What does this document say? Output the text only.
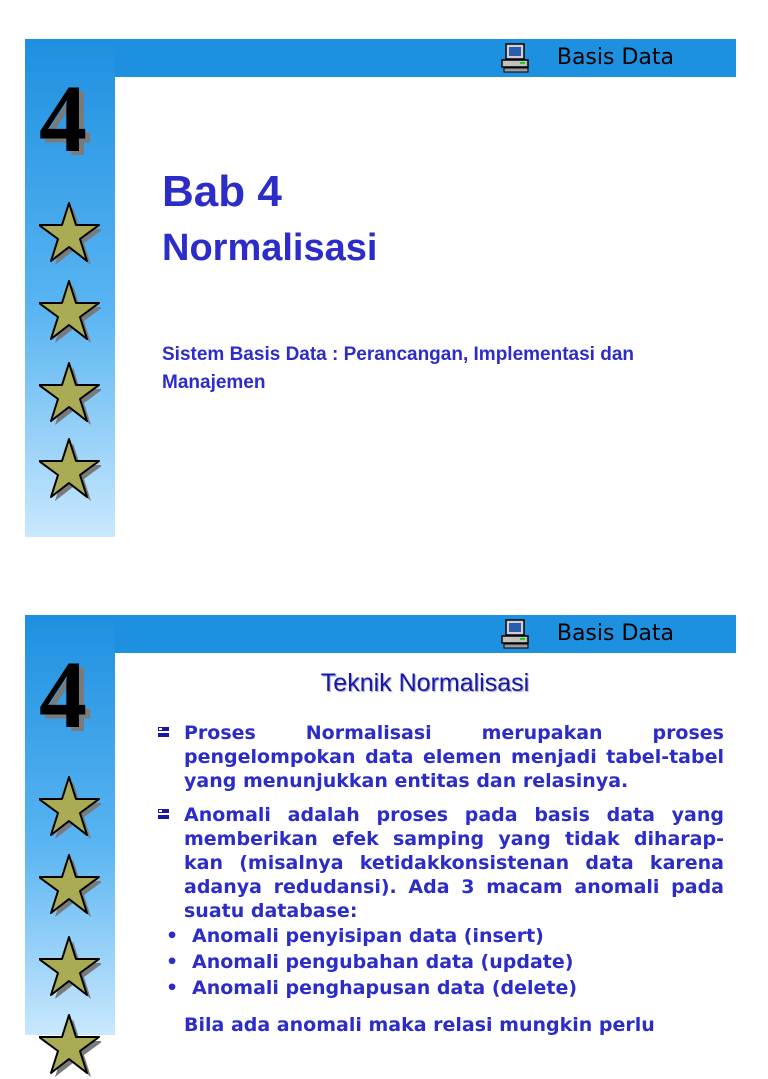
Basis Data
4
Bab 4
Normalisasi
Sistem Basis Data : Perancangan, Implementasi dan Manajemen
Basis Data
4	Teknik Normalisasi
Proses Normalisasi merupakan proses pengelompokan data elemen menjadi tabel-tabel yang menunjukkan entitas dan relasinya.
Anomali adalah proses pada basis data yang memberikan efek samping yang tidak diharap-kan (misalnya ketidakkonsistenan data karena adanya redudansi). Ada 3 macam anomali pada suatu database:
• Anomali penyisipan data (insert)
• Anomali pengubahan data (update)
• Anomali penghapusan data (delete)
Bila ada anomali maka relasi mungkin perlu
